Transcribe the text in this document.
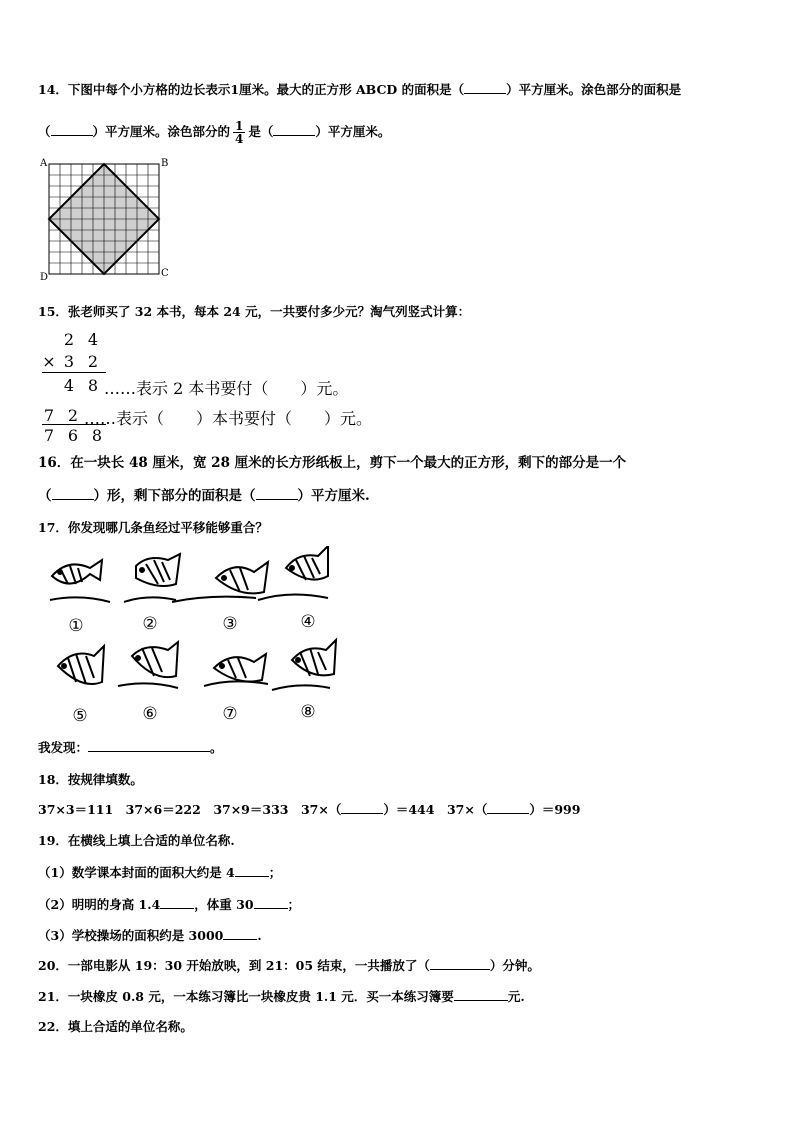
14．下图中每个小方格的边长表示1厘米。最大的正方形 ABCD 的面积是（	）平方厘米。涂色部分的面积是
（	）平方厘米。涂色部分的 $\frac{1}{4}$ 是（	）平方厘米。
A	B
C
D
15．张老师买了 32 本书，每本 24 元，一共要付多少元？淘气列竖式计算：
2 4
× 3 2
4 8 ……表示 2 本书要付（　　）元。
7 2 ……表示（　　）本书要付（　　）元。
7 6 8
16．在一块长 48 厘米，宽 28 厘米的长方形纸板上，剪下一个最大的正方形，剩下的部分是一个
（	）形，剩下部分的面积是（	）平方厘米.
17．你发现哪几条鱼经过平移能够重合？
①	②	③	④
⑤	⑥	⑦	⑧
我发现：	。
18．按规律填数。
37×3＝111　37×6＝222　37×9＝333　37×（	）＝444　37×（	）＝999
19．在横线上填上合适的单位名称.
（1）数学课本封面的面积大约是 4	；
（2）明明的身高 1.4	，体重 30	；
（3）学校操场的面积约是 3000	.
20．一部电影从 19：30 开始放映，到 21：05 结束，一共播放了（	）分钟。
21．一块橡皮 0.8 元，一本练习簿比一块橡皮贵 1.1 元．买一本练习簿要	元.
22．填上合适的单位名称。
